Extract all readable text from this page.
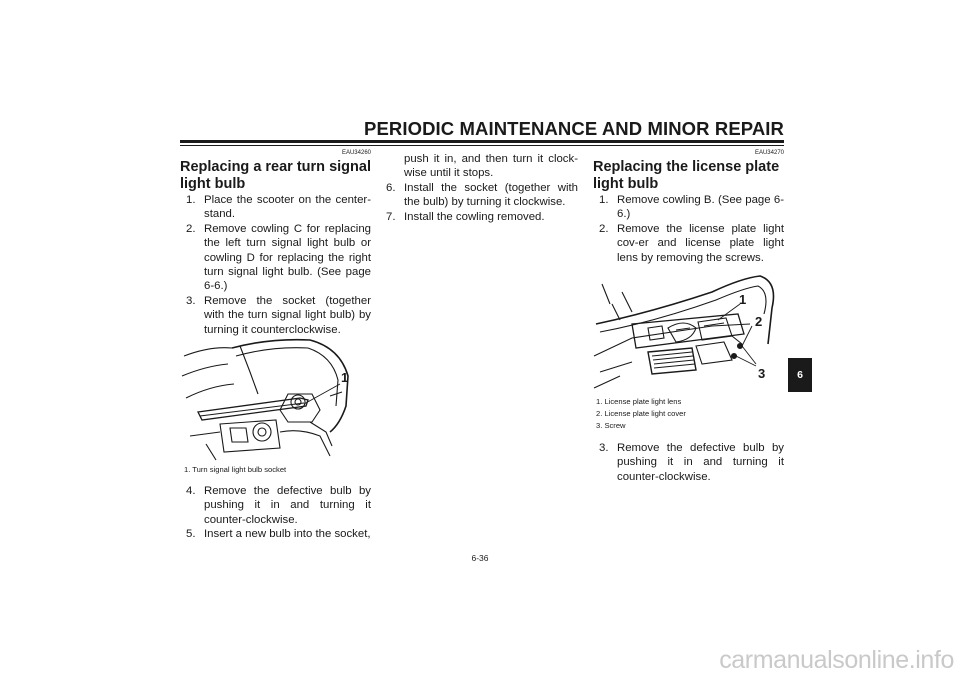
PERIODIC MAINTENANCE AND MINOR REPAIR
EAU34260
Replacing a rear turn signal
light bulb
1. Place the scooter on the center-stand.
2. Remove cowling C for replacing the left turn signal light bulb or cowling D for replacing the right turn signal light bulb. (See page 6-6.)
3. Remove the socket (together with the turn signal light bulb) by turning it counterclockwise.
1
1. Turn signal light bulb socket
4. Remove the defective bulb by pushing it in and turning it counter-clockwise.
5. Insert a new bulb into the socket,
push it in, and then turn it clock-wise until it stops.
6. Install the socket (together with the bulb) by turning it clockwise.
7. Install the cowling removed.
EAU34270
Replacing the license plate
light bulb
1. Remove cowling B. (See page 6-6.)
2. Remove the license plate light cov-er and license plate light lens by removing the screws.
1
2
3
1. License plate light lens
2. License plate light cover
3. Screw
3. Remove the defective bulb by pushing it in and turning it counter-clockwise.
6-36
6
carmanualsonline.info
